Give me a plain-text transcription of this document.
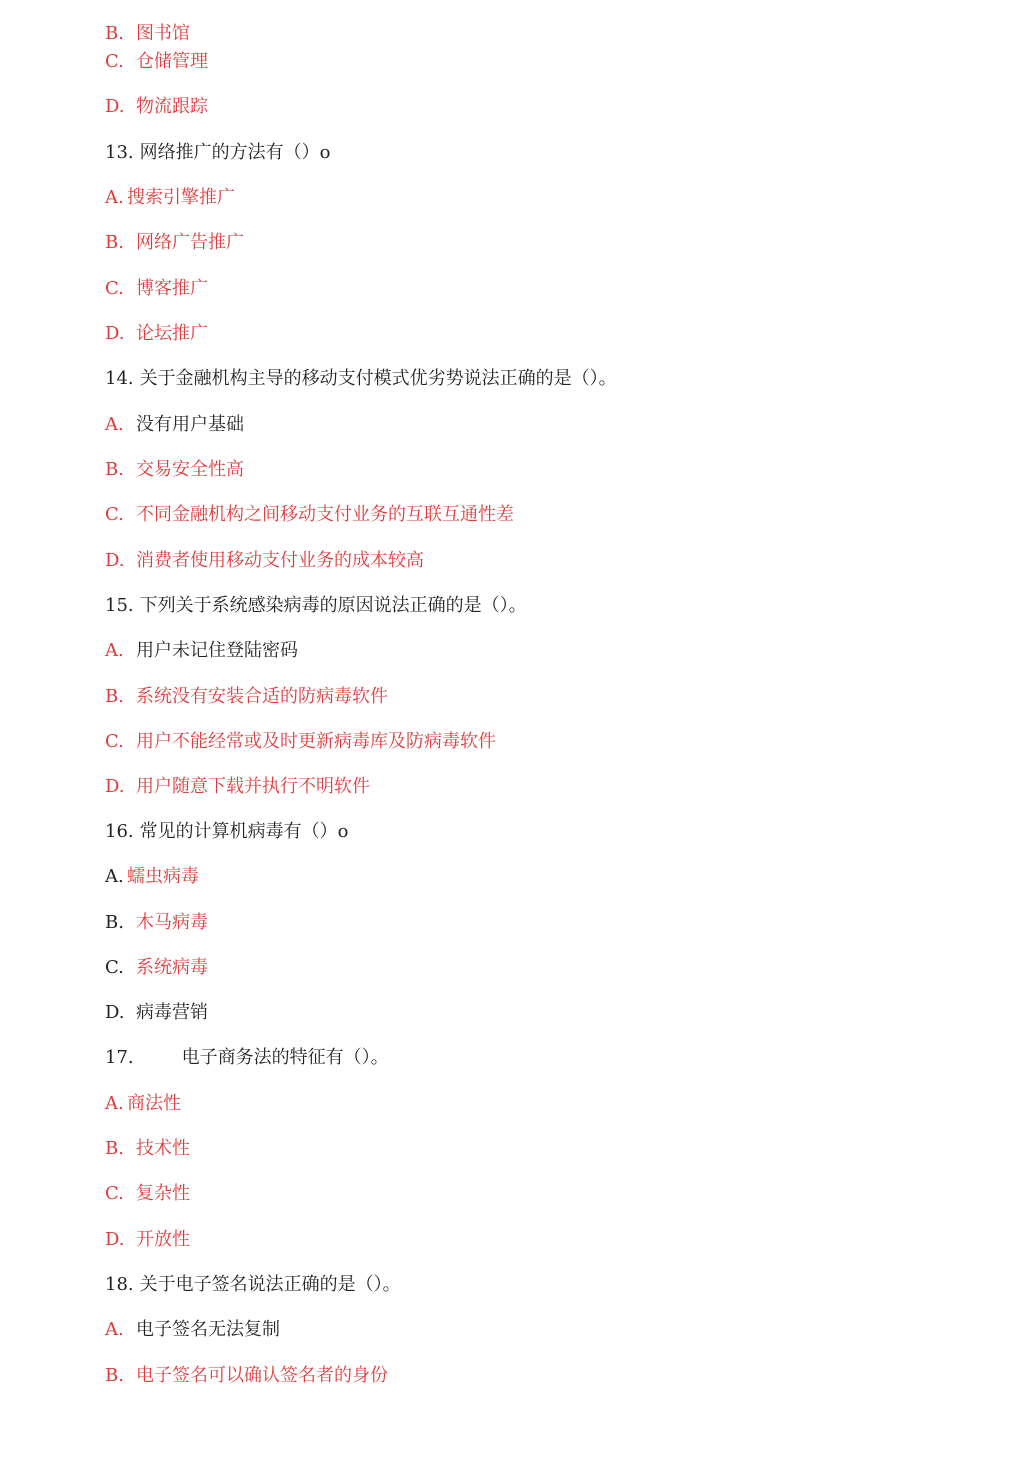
B. 图书馆
C. 仓储管理
D. 物流跟踪
13. 网络推广的方法有（）o
A. 搜索引擎推广
B. 网络广告推广
C. 博客推广
D. 论坛推广
14. 关于金融机构主导的移动支付模式优劣势说法正确的是（）。
A. 没有用户基础
B. 交易安全性高
C. 不同金融机构之间移动支付业务的互联互通性差
D. 消费者使用移动支付业务的成本较高
15. 下列关于系统感染病毒的原因说法正确的是（）。
A. 用户未记住登陆密码
B. 系统没有安装合适的防病毒软件
C. 用户不能经常或及时更新病毒库及防病毒软件
D. 用户随意下载并执行不明软件
16. 常见的计算机病毒有（）o
A. 蠕虫病毒
B. 木马病毒
C. 系统病毒
D. 病毒营销
17.	电子商务法的特征有（）。
A. 商法性
B. 技术性
C. 复杂性
D. 开放性
18. 关于电子签名说法正确的是（）。
A. 电子签名无法复制
B. 电子签名可以确认签名者的身份
